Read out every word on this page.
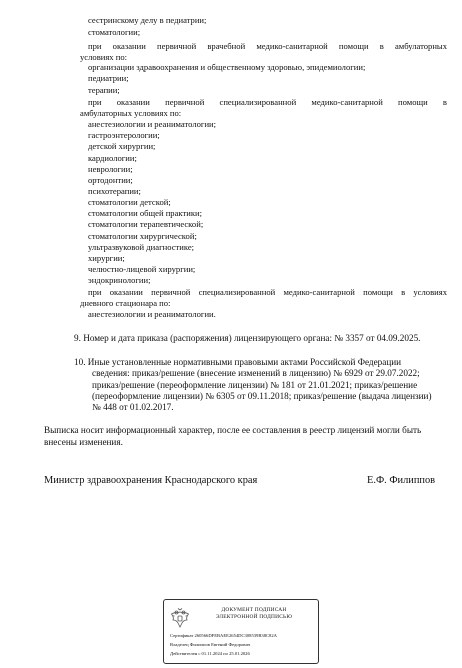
сестринскому делу в педиатрии;
стоматологии;
при оказании первичной врачебной медико-санитарной помощи в амбулаторных
условиях по:
организации здравоохранения и общественному здоровью, эпидемиологии;
педиатрии;
терапии;
при оказании первичной специализированной медико-санитарной помощи в
амбулаторных условиях по:
анестезиологии и реаниматологии;
гастроэнтерологии;
детской хирургии;
кардиологии;
неврологии;
ортодонтии;
психотерапии;
стоматологии детской;
стоматологии общей практики;
стоматологии терапевтической;
стоматологии хирургической;
ультразвуковой диагностике;
хирургии;
челюстно-лицевой хирургии;
эндокринологии;
при оказании первичной специализированной медико-санитарной помощи в условиях
дневного стационара по:
анестезиологии и реаниматологии.
9. Номер и дата приказа (распоряжения) лицензирующего органа: № 3357 от 04.09.2025.
10. Иные установленные нормативными правовыми актами Российской Федерации
сведения: приказ/решение (внесение изменений в лицензию) № 6929 от 29.07.2022;
приказ/решение (переоформление лицензии) № 181 от 21.01.2021; приказ/решение
(переоформление лицензии) № 6305 от 09.11.2018; приказ/решение (выдача лицензии)
№ 448 от 01.02.2017.
Выписка носит информационный характер, после ее составления в реестр лицензий могли быть
внесены изменения.
Министр здравоохранения Краснодарского края	Е.Ф. Филиппов
ДОКУМЕНТ ПОДПИСАН
ЭЛЕКТРОННОЙ ПОДПИСЬЮ
Сертификат 260566DFEBAEE2654DC308539B38C82A
Владелец Филиппов Евгений Федорович
Действителен с 01.11.2024 по 25.01.2026
